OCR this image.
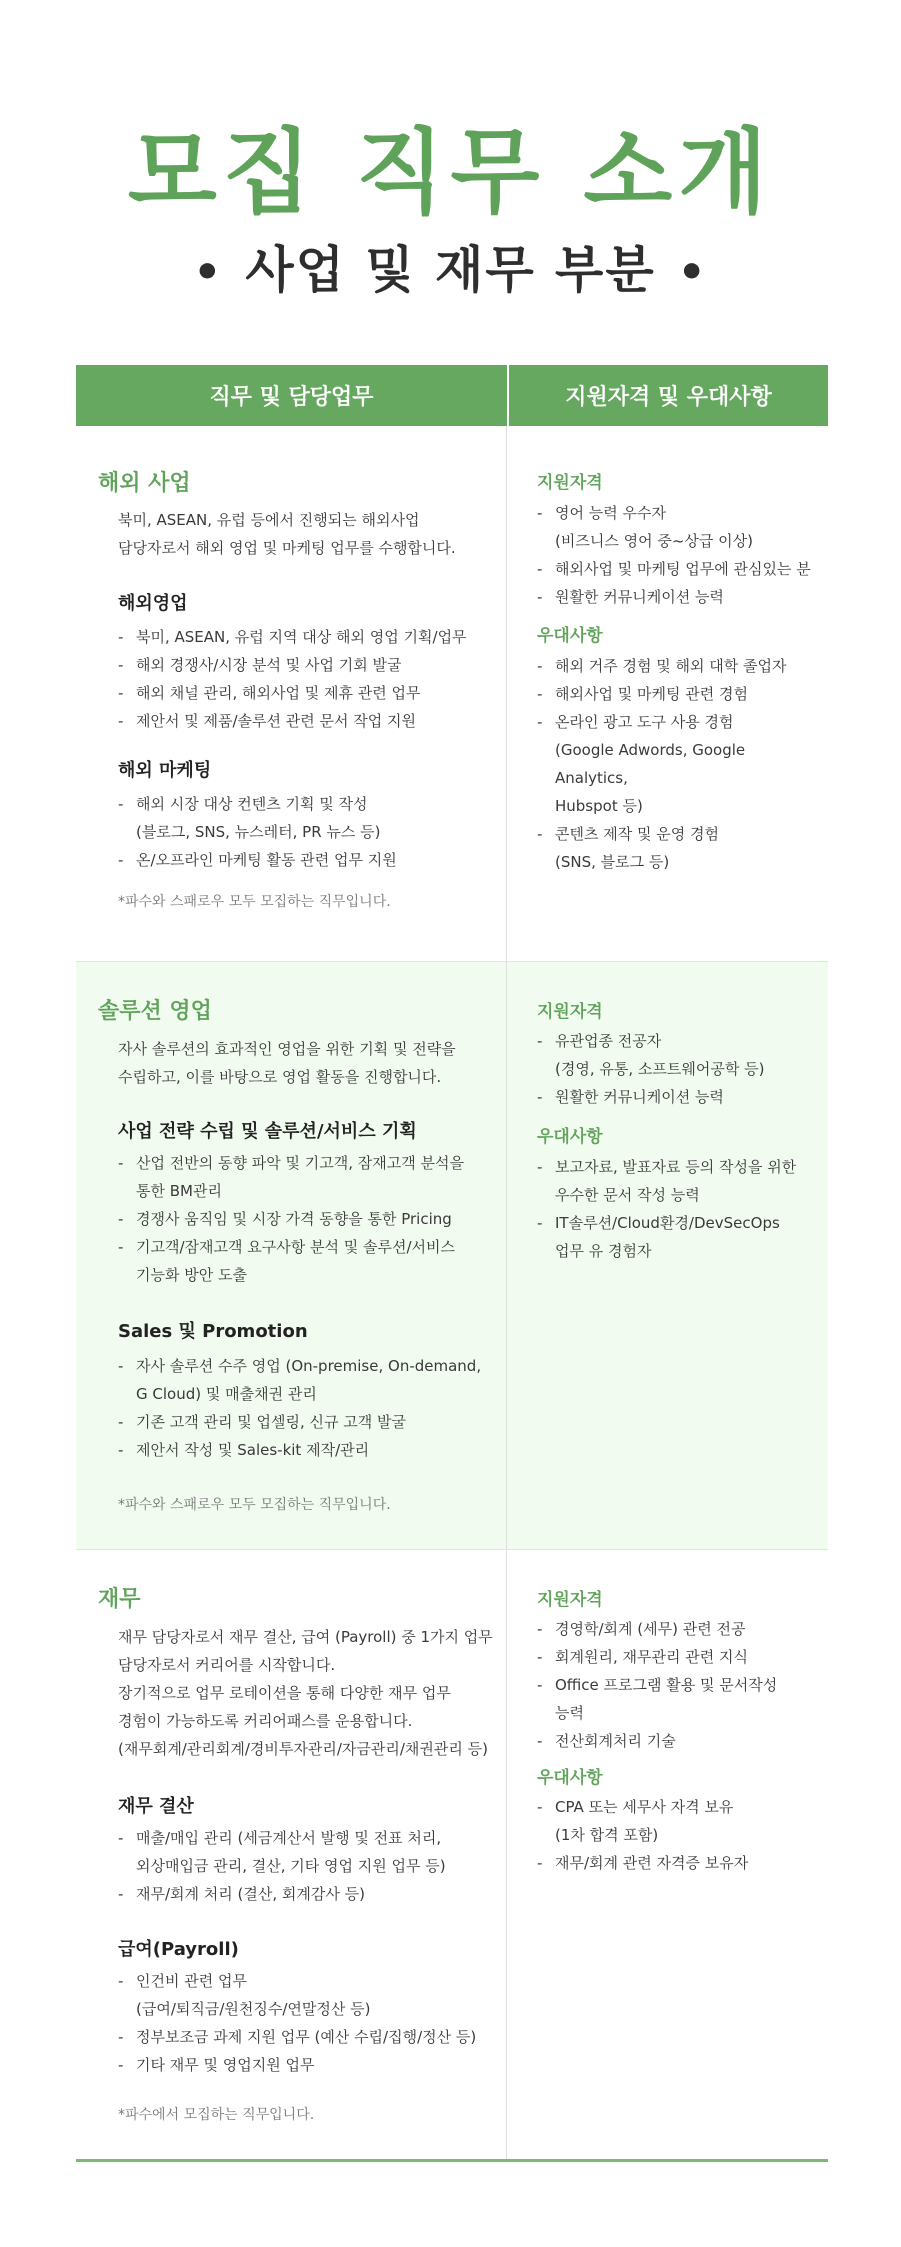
모집 직무 소개
• 사업 및 재무 부분 •
직무 및 담당업무	지원자격 및 우대사항
해외 사업
북미, ASEAN, 유럽 등에서 진행되는 해외사업
담당자로서 해외 영업 및 마케팅 업무를 수행합니다.
해외영업
- 북미, ASEAN, 유럽 지역 대상 해외 영업 기획/업무
- 해외 경쟁사/시장 분석 및 사업 기회 발굴
- 해외 채널 관리, 해외사업 및 제휴 관련 업무
- 제안서 및 제품/솔루션 관련 문서 작업 지원
해외 마케팅
- 해외 시장 대상 컨텐츠 기획 및 작성
(블로그, SNS, 뉴스레터, PR 뉴스 등)
- 온/오프라인 마케팅 활동 관련 업무 지원
*파수와 스패로우 모두 모집하는 직무입니다.
지원자격
- 영어 능력 우수자
(비즈니스 영어 중~상급 이상)
- 해외사업 및 마케팅 업무에 관심있는 분
- 원활한 커뮤니케이션 능력
우대사항
- 해외 거주 경험 및 해외 대학 졸업자
- 해외사업 및 마케팅 관련 경험
- 온라인 광고 도구 사용 경험
(Google Adwords, Google Analytics,
Hubspot 등)
- 콘텐츠 제작 및 운영 경험
(SNS, 블로그 등)
솔루션 영업
자사 솔루션의 효과적인 영업을 위한 기획 및 전략을
수립하고, 이를 바탕으로 영업 활동을 진행합니다.
사업 전략 수립 및 솔루션/서비스 기획
- 산업 전반의 동향 파악 및 기고객, 잠재고객 분석을
통한 BM관리
- 경쟁사 움직임 및 시장 가격 동향을 통한 Pricing
- 기고객/잠재고객 요구사항 분석 및 솔루션/서비스
기능화 방안 도출
Sales 및 Promotion
- 자사 솔루션 수주 영업 (On-premise, On-demand,
G Cloud) 및 매출채권 관리
- 기존 고객 관리 및 업셀링, 신규 고객 발굴
- 제안서 작성 및 Sales-kit 제작/관리
*파수와 스패로우 모두 모집하는 직무입니다.
지원자격
- 유관업종 전공자
(경영, 유통, 소프트웨어공학 등)
- 원활한 커뮤니케이션 능력
우대사항
- 보고자료, 발표자료 등의 작성을 위한
우수한 문서 작성 능력
- IT솔루션/Cloud환경/DevSecOps
업무 유 경험자
재무
재무 담당자로서 재무 결산, 급여 (Payroll) 중 1가지 업무
담당자로서 커리어를 시작합니다.
장기적으로 업무 로테이션을 통해 다양한 재무 업무
경험이 가능하도록 커리어패스를 운용합니다.
(재무회계/관리회계/경비투자관리/자금관리/채권관리 등)
재무 결산
- 매출/매입 관리 (세금계산서 발행 및 전표 처리,
외상매입금 관리, 결산, 기타 영업 지원 업무 등)
- 재무/회계 처리 (결산, 회계감사 등)
급여(Payroll)
- 인건비 관련 업무
(급여/퇴직금/원천징수/연말정산 등)
- 정부보조금 과제 지원 업무 (예산 수립/집행/정산 등)
- 기타 재무 및 영업지원 업무
*파수에서 모집하는 직무입니다.
지원자격
- 경영학/회계 (세무) 관련 전공
- 회계원리, 재무관리 관련 지식
- Office 프로그램 활용 및 문서작성
능력
- 전산회계처리 기술
우대사항
- CPA 또는 세무사 자격 보유
(1차 합격 포함)
- 재무/회계 관련 자격증 보유자
